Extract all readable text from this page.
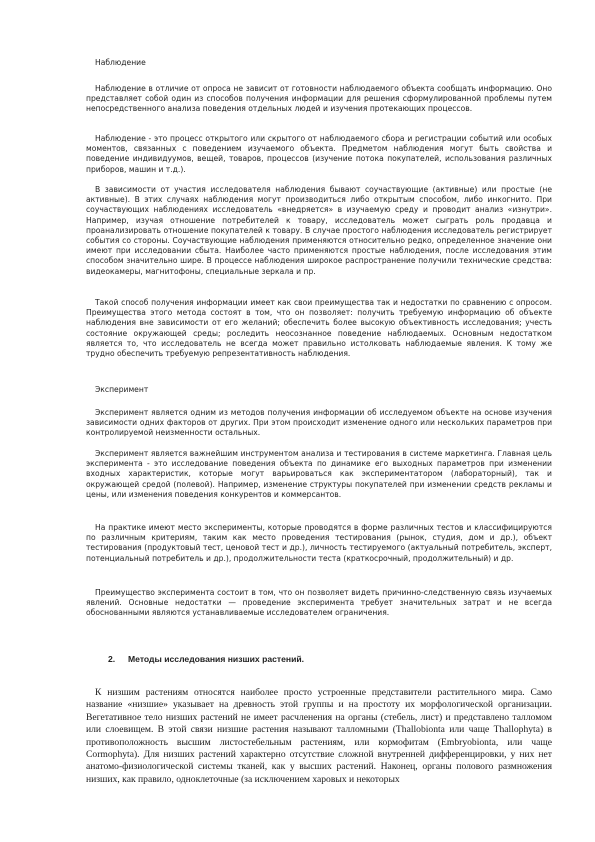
Наблюдение

Наблюдение в отличие от опроса не зависит от готовности наблюдаемого объекта сообщать информацию. Оно представляет собой один из способов получения информации для решения сформулированной проблемы путем непосредственного анализа поведения отдельных людей и изучения протекающих процессов.

Наблюдение - это процесс открытого или скрытого от наблюдаемого сбора и регистрации событий или особых моментов, связанных с поведением изучаемого объекта. Предметом наблюдения могут быть свойства и поведение индивидуумов, вещей, товаров, процессов (изучение потока покупателей, использования различных приборов, машин и т.д.).

В зависимости от участия исследователя наблюдения бывают соучаствующие (активные) или простые (не активные). В этих случаях наблюдения могут производиться либо открытым способом, либо инкогнито. При соучаствующих наблюдениях исследователь «внедряется» в изучаемую среду и проводит анализ «изнутри». Например, изучая отношение потребителей к товару, исследователь может сыграть роль продавца и проанализировать отношение покупателей к товару. В случае простого наблюдения исследователь регистрирует события со стороны. Соучаствующие наблюдения применяются относительно редко, определенное значение они имеют при исследовании сбыта. Наиболее часто применяются простые наблюдения, после исследования этим способом значительно шире. В процессе наблюдения широкое распространение получили технические средства: видеокамеры, магнитофоны, специальные зеркала и пр.

Такой способ получения информации имеет как свои преимущества так и недостатки по сравнению с опросом. Преимущества этого метода состоят в том, что он позволяет: получить требуемую информацию об объекте наблюдения вне зависимости от его желаний; обеспечить более высокую объективность исследования; учесть состояние окружающей среды; роследить неосознанное поведение наблюдаемых. Основным недостатком является то, что исследователь не всегда может правильно истолковать наблюдаемые явления. К тому же трудно обеспечить требуемую репрезентативность наблюдения.

Эксперимент

Эксперимент является одним из методов получения информации об исследуемом объекте на основе изучения зависимости одних факторов от других. При этом происходит изменение одного или нескольких параметров при контролируемой неизменности остальных.

Эксперимент является важнейшим инструментом анализа и тестирования в системе маркетинга. Главная цель эксперимента - это исследование поведения объекта по динамике его выходных параметров при изменении входных характеристик, которые могут варьироваться как экспериментатором (лабораторный), так и окружающей средой (полевой). Например, изменение структуры покупателей при изменении средств рекламы и цены, или изменения поведения конкурентов и коммерсантов.

На практике имеют место эксперименты, которые проводятся в форме различных тестов и классифицируются по различным критериям, таким как место проведения тестирования (рынок, студия, дом и др.), объект тестирования (продуктовый тест, ценовой тест и др.), личность тестируемого (актуальный потребитель, эксперт, потенциальный потребитель и др.), продолжительности теста (краткосрочный, продолжительный) и др.

Преимущество эксперимента состоит в том, что он позволяет видеть причинно-следственную связь изучаемых явлений. Основные недостатки — проведение эксперимента требует значительных затрат и не всегда обоснованными являются устанавливаемые исследователем ограничения.

2. Методы исследования низших растений.

К низшим растениям относятся наиболее просто устроенные представители растительного мира. Само название «низшие» указывает на древность этой группы и на простоту их морфологической организации. Вегетативное тело низших растений не имеет расчленения на органы (стебель, лист) и представлено талломом или слоевищем. В этой связи низшие растения называют талломными (Thallobionta или чаще Thallophyta) в противоположность высшим листостебельным растениям, или кормофитам (Embryobionta, или чаще Cormophyta). Для низших растений характерно отсутствие сложной внутренней дифференцировки, у них нет анатомо-физиологической системы тканей, как у высших растений. Наконец, органы полового размножения низших, как правило, одноклеточные (за исключением харовых и некоторых
